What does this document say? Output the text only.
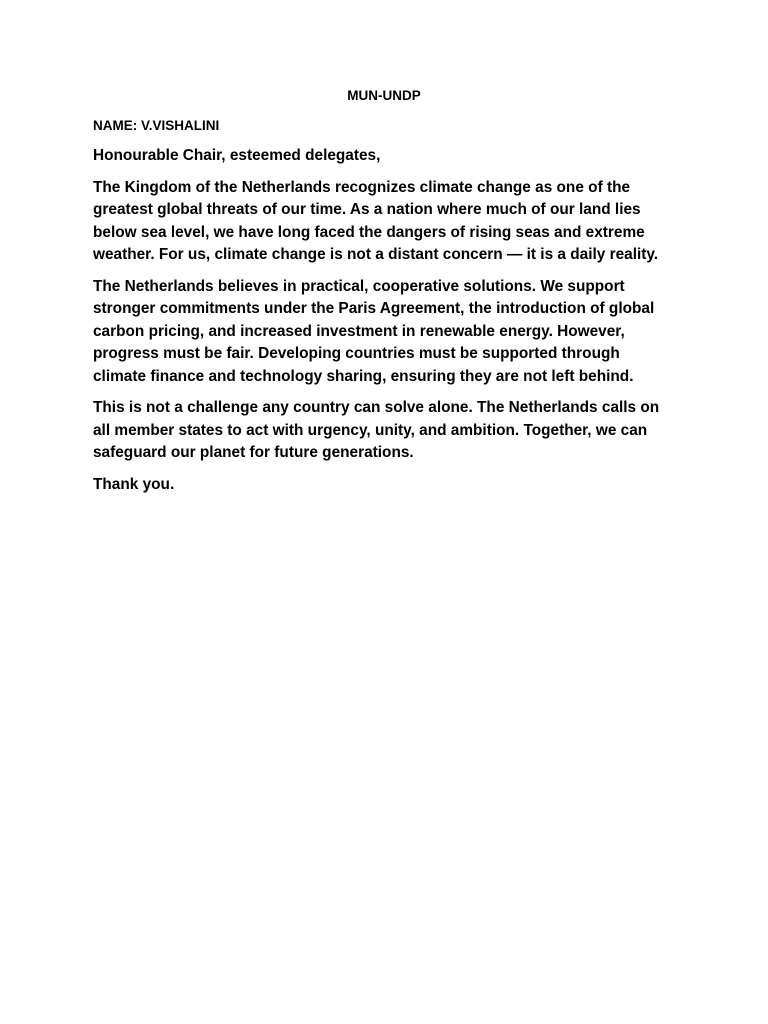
MUN-UNDP
NAME: V.VISHALINI

Honourable Chair, esteemed delegates,

The Kingdom of the Netherlands recognizes climate change as one of the greatest global threats of our time. As a nation where much of our land lies below sea level, we have long faced the dangers of rising seas and extreme weather. For us, climate change is not a distant concern — it is a daily reality.

The Netherlands believes in practical, cooperative solutions. We support stronger commitments under the Paris Agreement, the introduction of global carbon pricing, and increased investment in renewable energy. However, progress must be fair. Developing countries must be supported through climate finance and technology sharing, ensuring they are not left behind.

This is not a challenge any country can solve alone. The Netherlands calls on all member states to act with urgency, unity, and ambition. Together, we can safeguard our planet for future generations.

Thank you.
